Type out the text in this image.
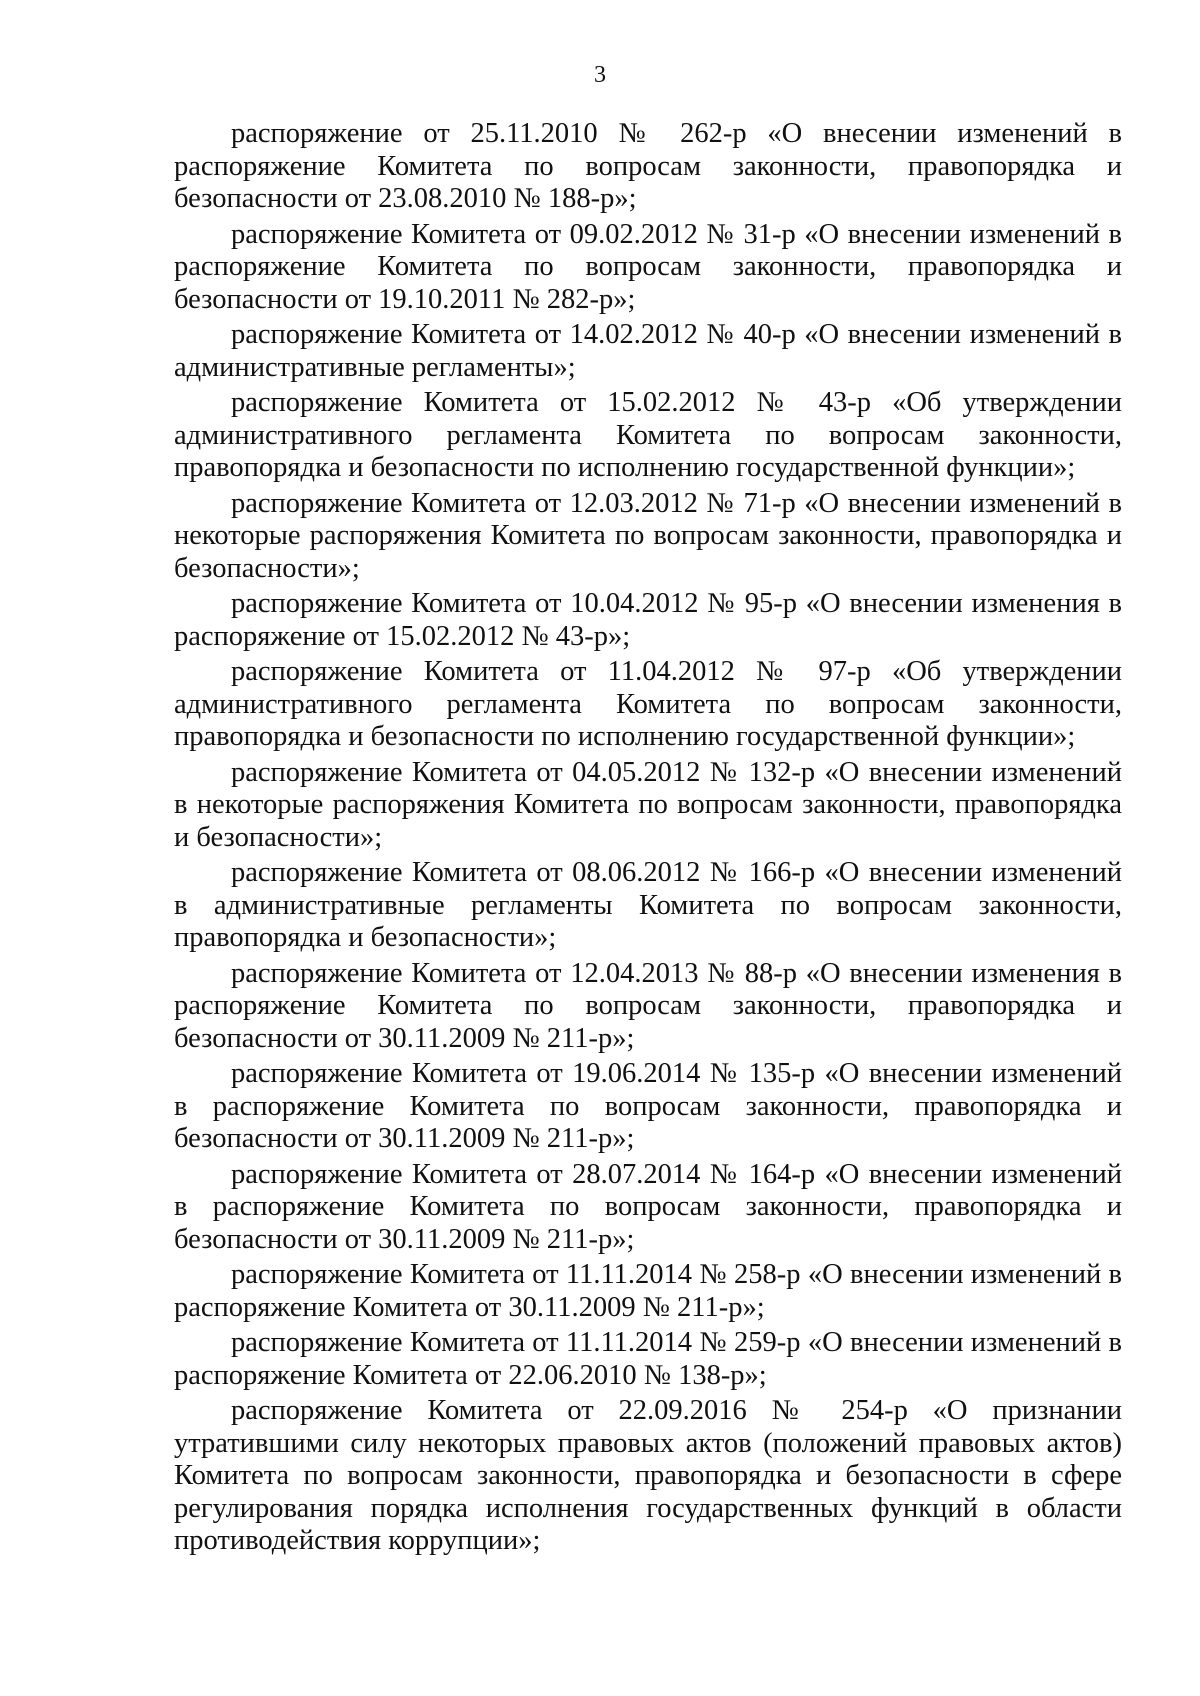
3

распоряжение от 25.11.2010 № 262-р «О внесении изменений в распоряжение Комитета по вопросам законности, правопорядка и безопасности от 23.08.2010 № 188-р»;

распоряжение Комитета от 09.02.2012 № 31-р «О внесении изменений в распоряжение Комитета по вопросам законности, правопорядка и безопасности от 19.10.2011 № 282-р»;

распоряжение Комитета от 14.02.2012 № 40-р «О внесении изменений в административные регламенты»;

распоряжение Комитета от 15.02.2012 № 43-р «Об утверждении административного регламента Комитета по вопросам законности, правопорядка и безопасности по исполнению государственной функции»;

распоряжение Комитета от 12.03.2012 № 71-р «О внесении изменений в некоторые распоряжения Комитета по вопросам законности, правопорядка и безопасности»;

распоряжение Комитета от 10.04.2012 № 95-р «О внесении изменения в распоряжение от 15.02.2012 № 43-р»;

распоряжение Комитета от 11.04.2012 № 97-р «Об утверждении административного регламента Комитета по вопросам законности, правопорядка и безопасности по исполнению государственной функции»;

распоряжение Комитета от 04.05.2012 № 132-р «О внесении изменений в некоторые распоряжения Комитета по вопросам законности, правопорядка и безопасности»;

распоряжение Комитета от 08.06.2012 № 166-р «О внесении изменений в административные регламенты Комитета по вопросам законности, правопорядка и безопасности»;

распоряжение Комитета от 12.04.2013 № 88-р «О внесении изменения в распоряжение Комитета по вопросам законности, правопорядка и безопасности от 30.11.2009 № 211-р»;

распоряжение Комитета от 19.06.2014 № 135-р «О внесении изменений в распоряжение Комитета по вопросам законности, правопорядка и безопасности от 30.11.2009 № 211-р»;

распоряжение Комитета от 28.07.2014 № 164-р «О внесении изменений в распоряжение Комитета по вопросам законности, правопорядка и безопасности от 30.11.2009 № 211-р»;

распоряжение Комитета от 11.11.2014 № 258-р «О внесении изменений в распоряжение Комитета от 30.11.2009 № 211-р»;

распоряжение Комитета от 11.11.2014 № 259-р «О внесении изменений в распоряжение Комитета от 22.06.2010 № 138-р»;

распоряжение Комитета от 22.09.2016 № 254-р «О признании утратившими силу некоторых правовых актов (положений правовых актов) Комитета по вопросам законности, правопорядка и безопасности в сфере регулирования порядка исполнения государственных функций в области противодействия коррупции»;
